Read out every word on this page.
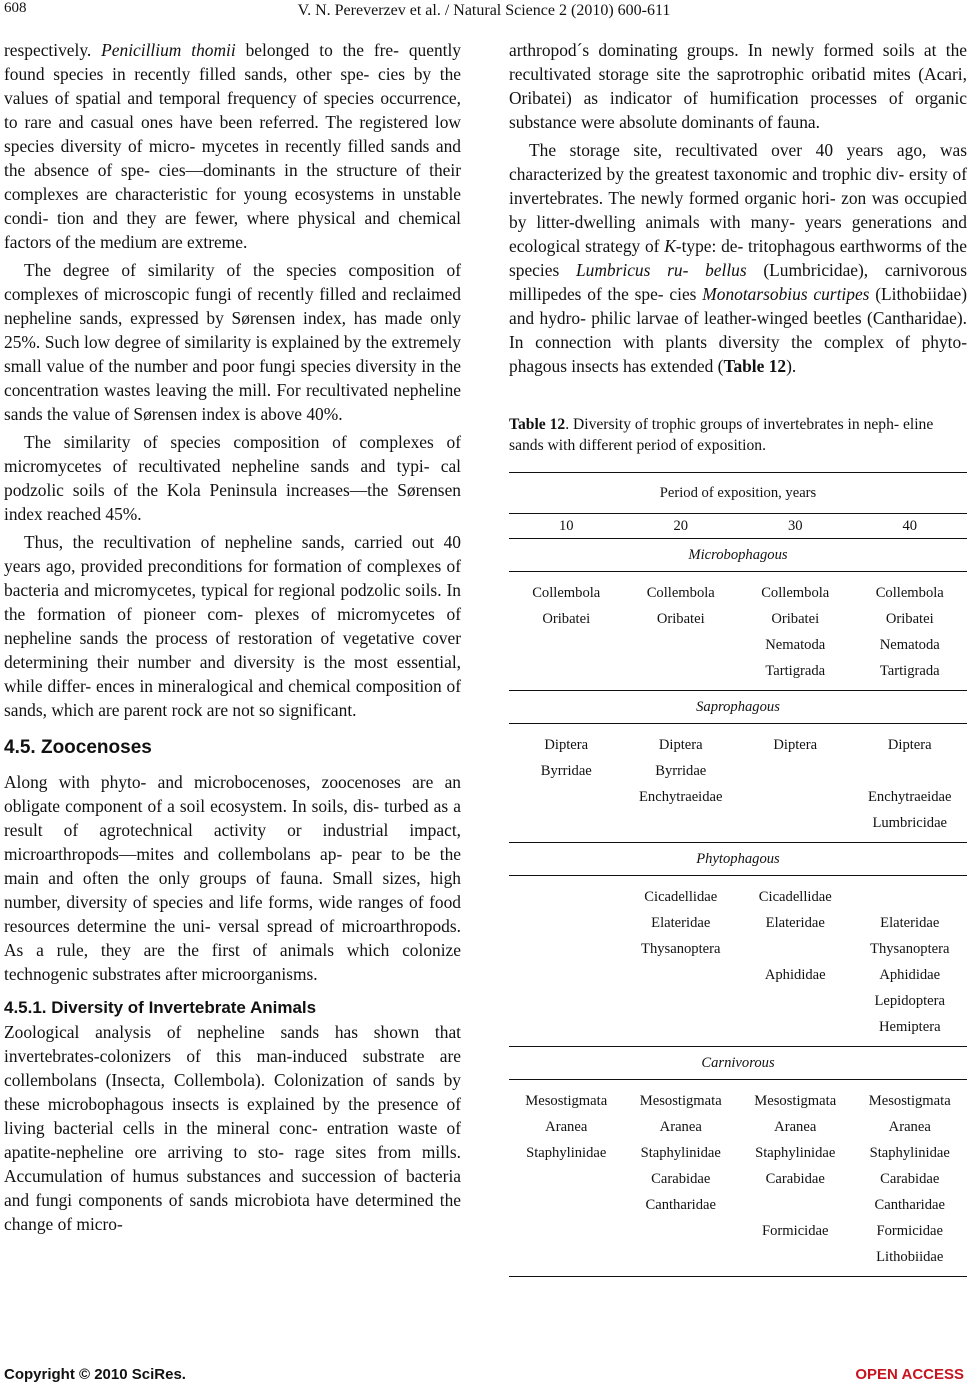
608	V. N. Pereverzev et al. / Natural Science 2 (2010) 600-611

respectively. Penicillium thomii belonged to the fre- quently found species in recently filled sands, other spe- cies by the values of spatial and temporal frequency of species occurrence, to rare and casual ones have been referred. The registered low species diversity of micro- mycetes in recently filled sands and the absence of spe- cies—dominants in the structure of their complexes are characteristic for young ecosystems in unstable condi- tion and they are fewer, where physical and chemical factors of the medium are extreme.

The degree of similarity of the species composition of complexes of microscopic fungi of recently filled and reclaimed nepheline sands, expressed by Sørensen index, has made only 25%. Such low degree of similarity is explained by the extremely small value of the number and poor fungi species diversity in the concentration wastes leaving the mill. For recultivated nepheline sands the value of Sørensen index is above 40%.

The similarity of species composition of complexes of micromycetes of recultivated nepheline sands and typi- cal podzolic soils of the Kola Peninsula increases—the Sørensen index reached 45%.

Thus, the recultivation of nepheline sands, carried out 40 years ago, provided preconditions for formation of complexes of bacteria and micromycetes, typical for regional podzolic soils. In the formation of pioneer com- plexes of micromycetes of nepheline sands the process of restoration of vegetative cover determining their number and diversity is the most essential, while differ- ences in mineralogical and chemical composition of sands, which are parent rock are not so significant.

4.5. Zoocenoses

Along with phyto- and microbocenoses, zoocenoses are an obligate component of a soil ecosystem. In soils, dis- turbed as a result of agrotechnical activity or industrial impact, microarthropods—mites and collembolans ap- pear to be the main and often the only groups of fauna. Small sizes, high number, diversity of species and life forms, wide ranges of food resources determine the uni- versal spread of microarthropods. As a rule, they are the first of animals which colonize technogenic substrates after microorganisms.

4.5.1. Diversity of Invertebrate Animals

Zoological analysis of nepheline sands has shown that invertebrates-colonizers of this man-induced substrate are collembolans (Insecta, Collembola). Colonization of sands by these microbophagous insects is explained by the presence of living bacterial cells in the mineral conc- entration waste of apatite-nepheline ore arriving to sto- rage sites from mills. Accumulation of humus substances and succession of bacteria and fungi components of sands microbiota have determined the change of micro-

arthropod´s dominating groups. In newly formed soils at the recultivated storage site the saprotrophic oribatid mites (Acari, Oribatei) as indicator of humification processes of organic substance were absolute dominants of fauna.

The storage site, recultivated over 40 years ago, was characterized by the greatest taxonomic and trophic div- ersity of invertebrates. The newly formed organic hori- zon was occupied by litter-dwelling animals with many- years generations and ecological strategy of K-type: de- tritophagous earthworms of the species Lumbricus ru- bellus (Lumbricidae), carnivorous millipedes of the spe- cies Monotarsobius curtipes (Lithobiidae) and hydro- philic larvae of leather-winged beetles (Cantharidae). In connection with plants diversity the complex of phyto- phagous insects has extended (Table 12).

Table 12. Diversity of trophic groups of invertebrates in neph- eline sands with different period of exposition.
Period of exposition, years			
10	20	30	40
Microbophagous			
Collembola	Collembola	Collembola	Collembola
Oribatei	Oribatei	Oribatei	Oribatei
		Nematoda	Nematoda
		Tartigrada	Tartigrada
Saprophagous			
Diptera	Diptera	Diptera	Diptera
Byrridae	Byrridae		
	Enchytraeidae		Enchytraeidae
			Lumbricidae
Phytophagous			
	Cicadellidae	Cicadellidae	
	Elateridae	Elateridae	Elateridae
	Thysanoptera		Thysanoptera
		Aphididae	Aphididae
			Lepidoptera
			Hemiptera
Carnivorous			
Mesostigmata	Mesostigmata	Mesostigmata	Mesostigmata
Aranea	Aranea	Aranea	Aranea
Staphylinidae	Staphylinidae	Staphylinidae	Staphylinidae
	Carabidae	Carabidae	Carabidae
	Cantharidae		Cantharidae
		Formicidae	Formicidae
			Lithobiidae
Copyright © 2010 SciRes.	OPEN ACCESS
